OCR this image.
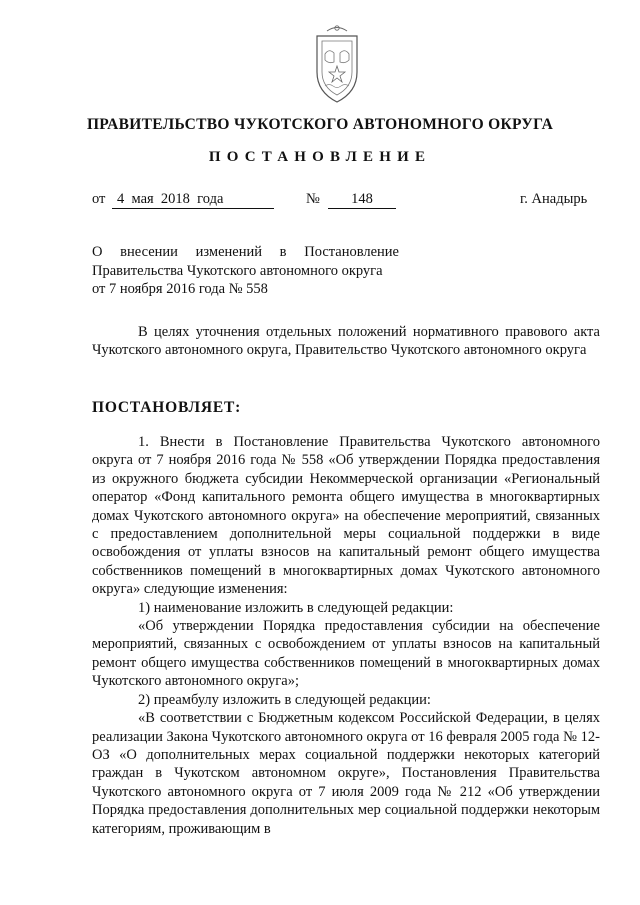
ПРАВИТЕЛЬСТВО ЧУКОТСКОГО АВТОНОМНОГО ОКРУГА
ПОСТАНОВЛЕНИЕ
от 4  мая  2018  года	№	148	г. Анадырь
О внесении изменений в Постановление
Правительства Чукотского автономного округа
от 7 ноября 2016 года № 558
В целях уточнения отдельных положений нормативного правового акта Чукотского автономного округа, Правительство Чукотского автономного округа
ПОСТАНОВЛЯЕТ:

1. Внести в Постановление Правительства Чукотского автономного округа от 7 ноября 2016 года № 558 «Об утверждении Порядка предоставления из окружного бюджета субсидии Некоммерческой организации «Региональный оператор «Фонд капитального ремонта общего имущества в многоквартирных домах Чукотского автономного округа» на обеспечение мероприятий, связанных с предоставлением дополнительной меры социальной поддержки в виде освобождения от уплаты взносов на капитальный ремонт общего имущества собственников помещений в многоквартирных домах Чукотского автономного округа» следующие изменения:

1) наименование изложить в следующей редакции:

«Об утверждении Порядка предоставления субсидии на обеспечение мероприятий, связанных с освобождением от уплаты взносов на капитальный ремонт общего имущества собственников помещений в многоквартирных домах Чукотского автономного округа»;

2) преамбулу изложить в следующей редакции:

«В соответствии с Бюджетным кодексом Российской Федерации, в целях реализации Закона Чукотского автономного округа от 16 февраля 2005 года № 12-ОЗ «О дополнительных мерах социальной поддержки некоторых категорий граждан в Чукотском автономном округе», Постановления Правительства Чукотского автономного округа от 7 июля 2009 года № 212 «Об утверждении Порядка предоставления дополнительных мер социальной поддержки некоторым категориям, проживающим в
